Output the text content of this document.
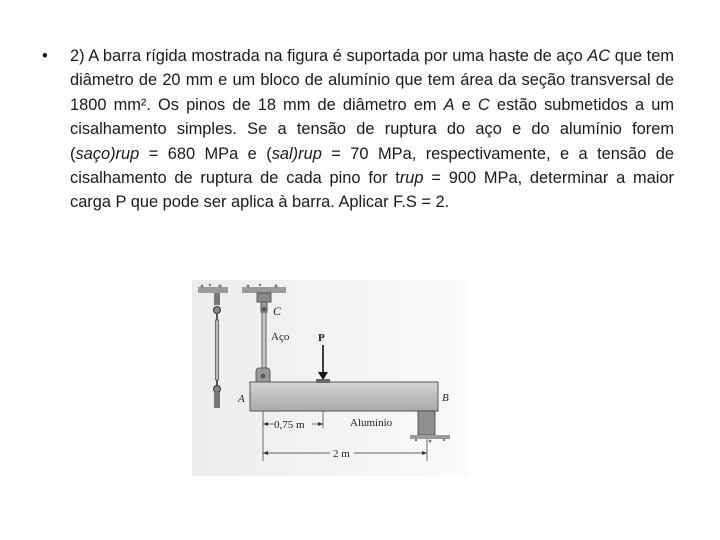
•	2) A barra rígida mostrada na figura é suportada por uma haste de aço AC que tem diâmetro de 20 mm e um bloco de alumínio que tem área da seção transversal de 1800 mm². Os pinos de 18 mm de diâmetro em A e C estão submetidos a um cisalhamento simples. Se a tensão de ruptura do aço e do alumínio forem (saço)rup = 680 MPa e (sal)rup = 70 MPa, respectivamente, e a tensão de cisalhamento de ruptura de cada pino for trup = 900 MPa, determinar a maior carga P que pode ser aplica à barra. Aplicar F.S = 2.
C
Aço
A
P
B
0,75 m	Alumínio
2 m
